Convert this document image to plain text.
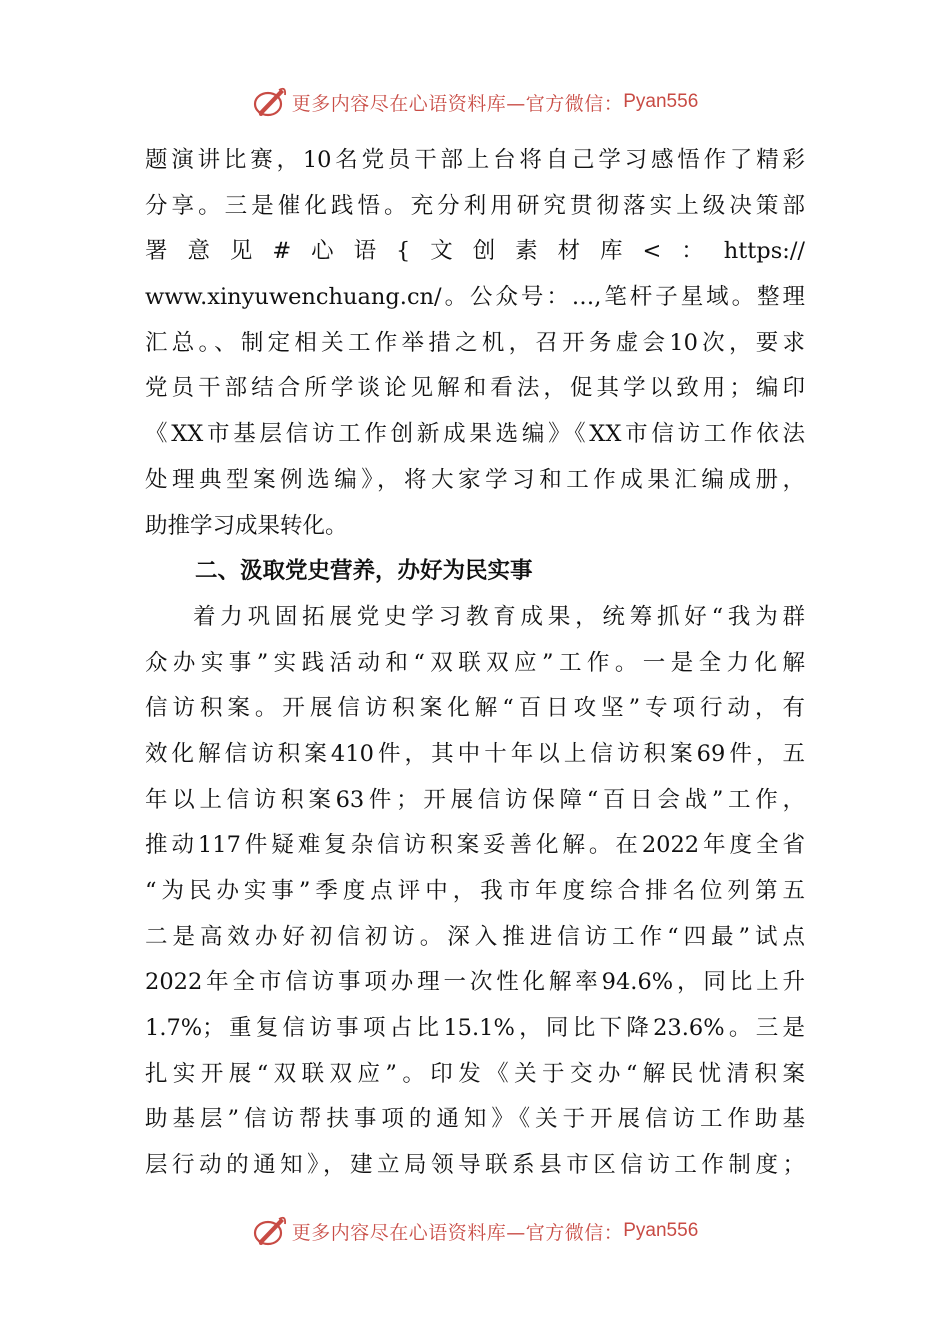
更多内容尽在心语资料库—官方微信： Pyan556
题演讲比赛，10名党员干部上台将自己学习感悟作了精彩
分享。三是催化践悟。充分利用研究贯彻落实上级决策部
署意见#心语{文创素材库<：https://
www.xinyuwenchuang.cn/。公众号：…,笔杆子星域。整理
汇总。、制定相关工作举措之机，召开务虚会10次，要求
党员干部结合所学谈论见解和看法，促其学以致用；编印
《XX市基层信访工作创新成果选编》《XX市信访工作依法
处理典型案例选编》，将大家学习和工作成果汇编成册，
助推学习成果转化。
二、汲取党史营养，办好为民实事
着力巩固拓展党史学习教育成果，统筹抓好“我为群
众办实事”实践活动和“双联双应”工作。一是全力化解
信访积案。开展信访积案化解“百日攻坚”专项行动，有
效化解信访积案410件，其中十年以上信访积案69件，五
年以上信访积案63件；开展信访保障“百日会战”工作，
推动117件疑难复杂信访积案妥善化解。在2022年度全省
“为民办实事”季度点评中，我市年度综合排名位列第五
二是高效办好初信初访。深入推进信访工作“四最”试点
2022年全市信访事项办理一次性化解率94.6%，同比上升
1.7%；重复信访事项占比15.1%，同比下降23.6%。三是
扎实开展“双联双应”。印发《关于交办“解民忧清积案
助基层”信访帮扶事项的通知》《关于开展信访工作助基
层行动的通知》，建立局领导联系县市区信访工作制度；
更多内容尽在心语资料库—官方微信： Pyan556
